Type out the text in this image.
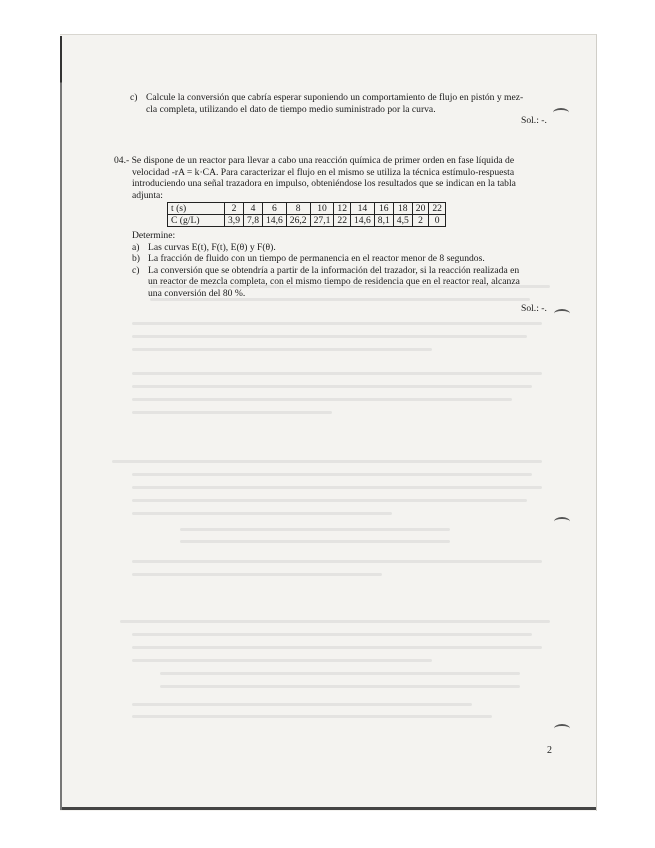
c) Calcule la conversión que cabría esperar suponiendo un comportamiento de flujo en pistón y mez-
cla completa, utilizando el dato de tiempo medio suministrado por la curva.
Sol.: -.
04.- Se dispone de un reactor para llevar a cabo una reacción química de primer orden en fase líquida de
velocidad -rA = k·CA. Para caracterizar el flujo en el mismo se utiliza la técnica estímulo-respuesta
introduciendo una señal trazadora en impulso, obteniéndose los resultados que se indican en la tabla
adjunta:
t (s)	2	4	6	8	10	12	14	16	18	20	22
C (g/L)	3,9	7,8	14,6	26,2	27,1	22	14,6	8,1	4,5	2	0
Determine:
a) Las curvas E(t), F(t), E(θ) y F(θ).
b) La fracción de fluido con un tiempo de permanencia en el reactor menor de 8 segundos.
c) La conversión que se obtendría a partir de la información del trazador, si la reacción realizada en
un reactor de mezcla completa, con el mismo tiempo de residencia que en el reactor real, alcanza
una conversión del 80 %.
Sol.: -.
2
